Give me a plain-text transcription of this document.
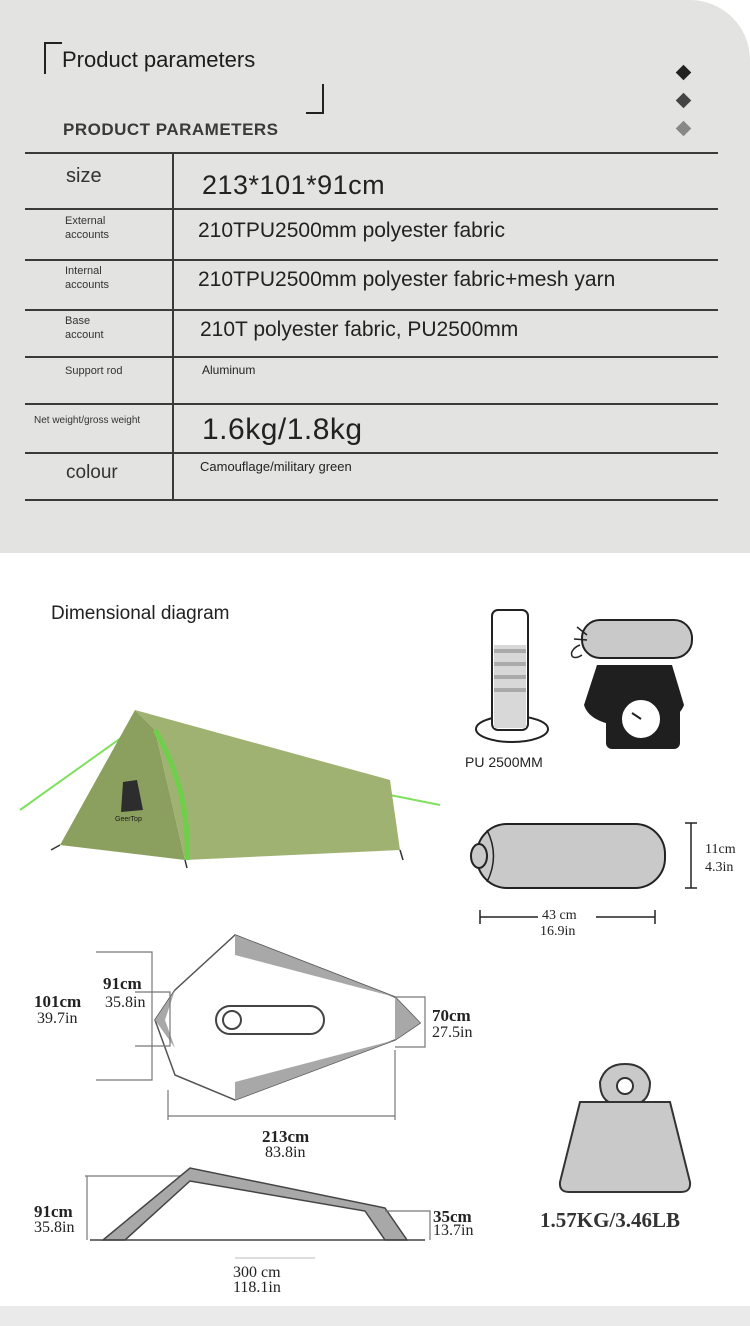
Product parameters
PRODUCT PARAMETERS
size	213*101*91cm
External accounts	210TPU2500mm polyester fabric
Internal accounts	210TPU2500mm polyester fabric+mesh yarn
Base account	210T polyester fabric, PU2500mm
Support rod	Aluminum
Net weight/gross weight 1.6kg/1.8kg
colour	Camouflage/military green
Dimensional diagram
GeerTop
PU 2500MM
11cm
4.3in
43 cm
16.9in
101cm
39.7in
91cm
35.8in
70cm
27.5in
213cm
83.8in
91cm
35.8in
35cm
13.7in
300 cm
118.1in
1.57KG/3.46LB
